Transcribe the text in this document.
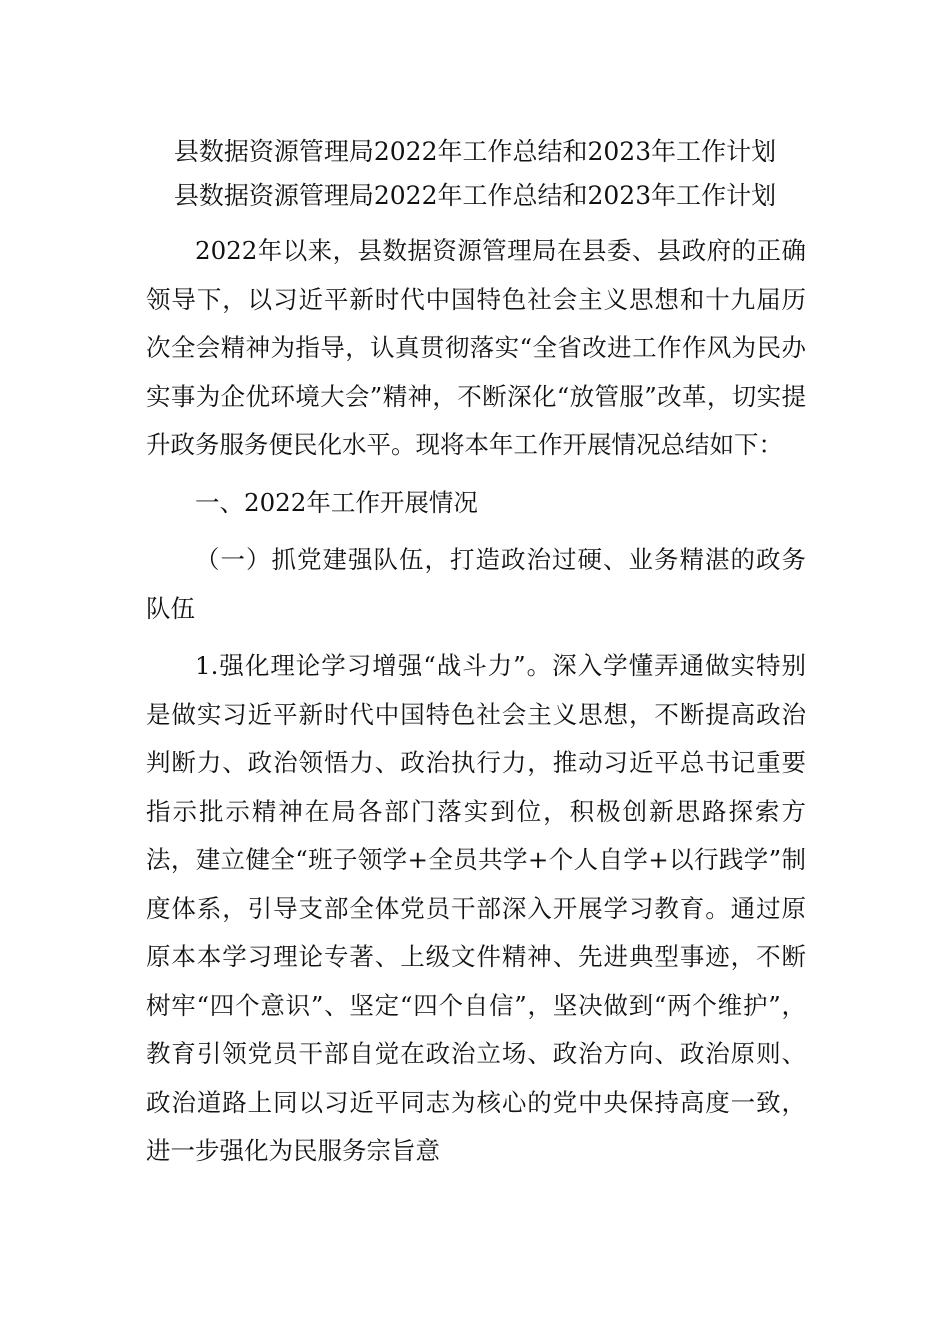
县数据资源管理局2022年工作总结和2023年工作计划
县数据资源管理局2022年工作总结和2023年工作计划

2022年以来，县数据资源管理局在县委、县政府的正确领导下，以习近平新时代中国特色社会主义思想和十九届历次全会精神为指导，认真贯彻落实“全省改进工作作风为民办实事为企优环境大会”精神，不断深化“放管服”改革，切实提升政务服务便民化水平。现将本年工作开展情况总结如下：

一、2022年工作开展情况

（一）抓党建强队伍，打造政治过硬、业务精湛的政务队伍

1.强化理论学习增强“战斗力”。深入学懂弄通做实特别是做实习近平新时代中国特色社会主义思想，不断提高政治判断力、政治领悟力、政治执行力，推动习近平总书记重要指示批示精神在局各部门落实到位，积极创新思路探索方法，建立健全“班子领学+全员共学+个人自学+以行践学”制度体系，引导支部全体党员干部深入开展学习教育。通过原原本本学习理论专著、上级文件精神、先进典型事迹，不断树牢“四个意识”、坚定“四个自信”，坚决做到“两个维护”，教育引领党员干部自觉在政治立场、政治方向、政治原则、政治道路上同以习近平同志为核心的党中央保持高度一致，进一步强化为民服务宗旨意
